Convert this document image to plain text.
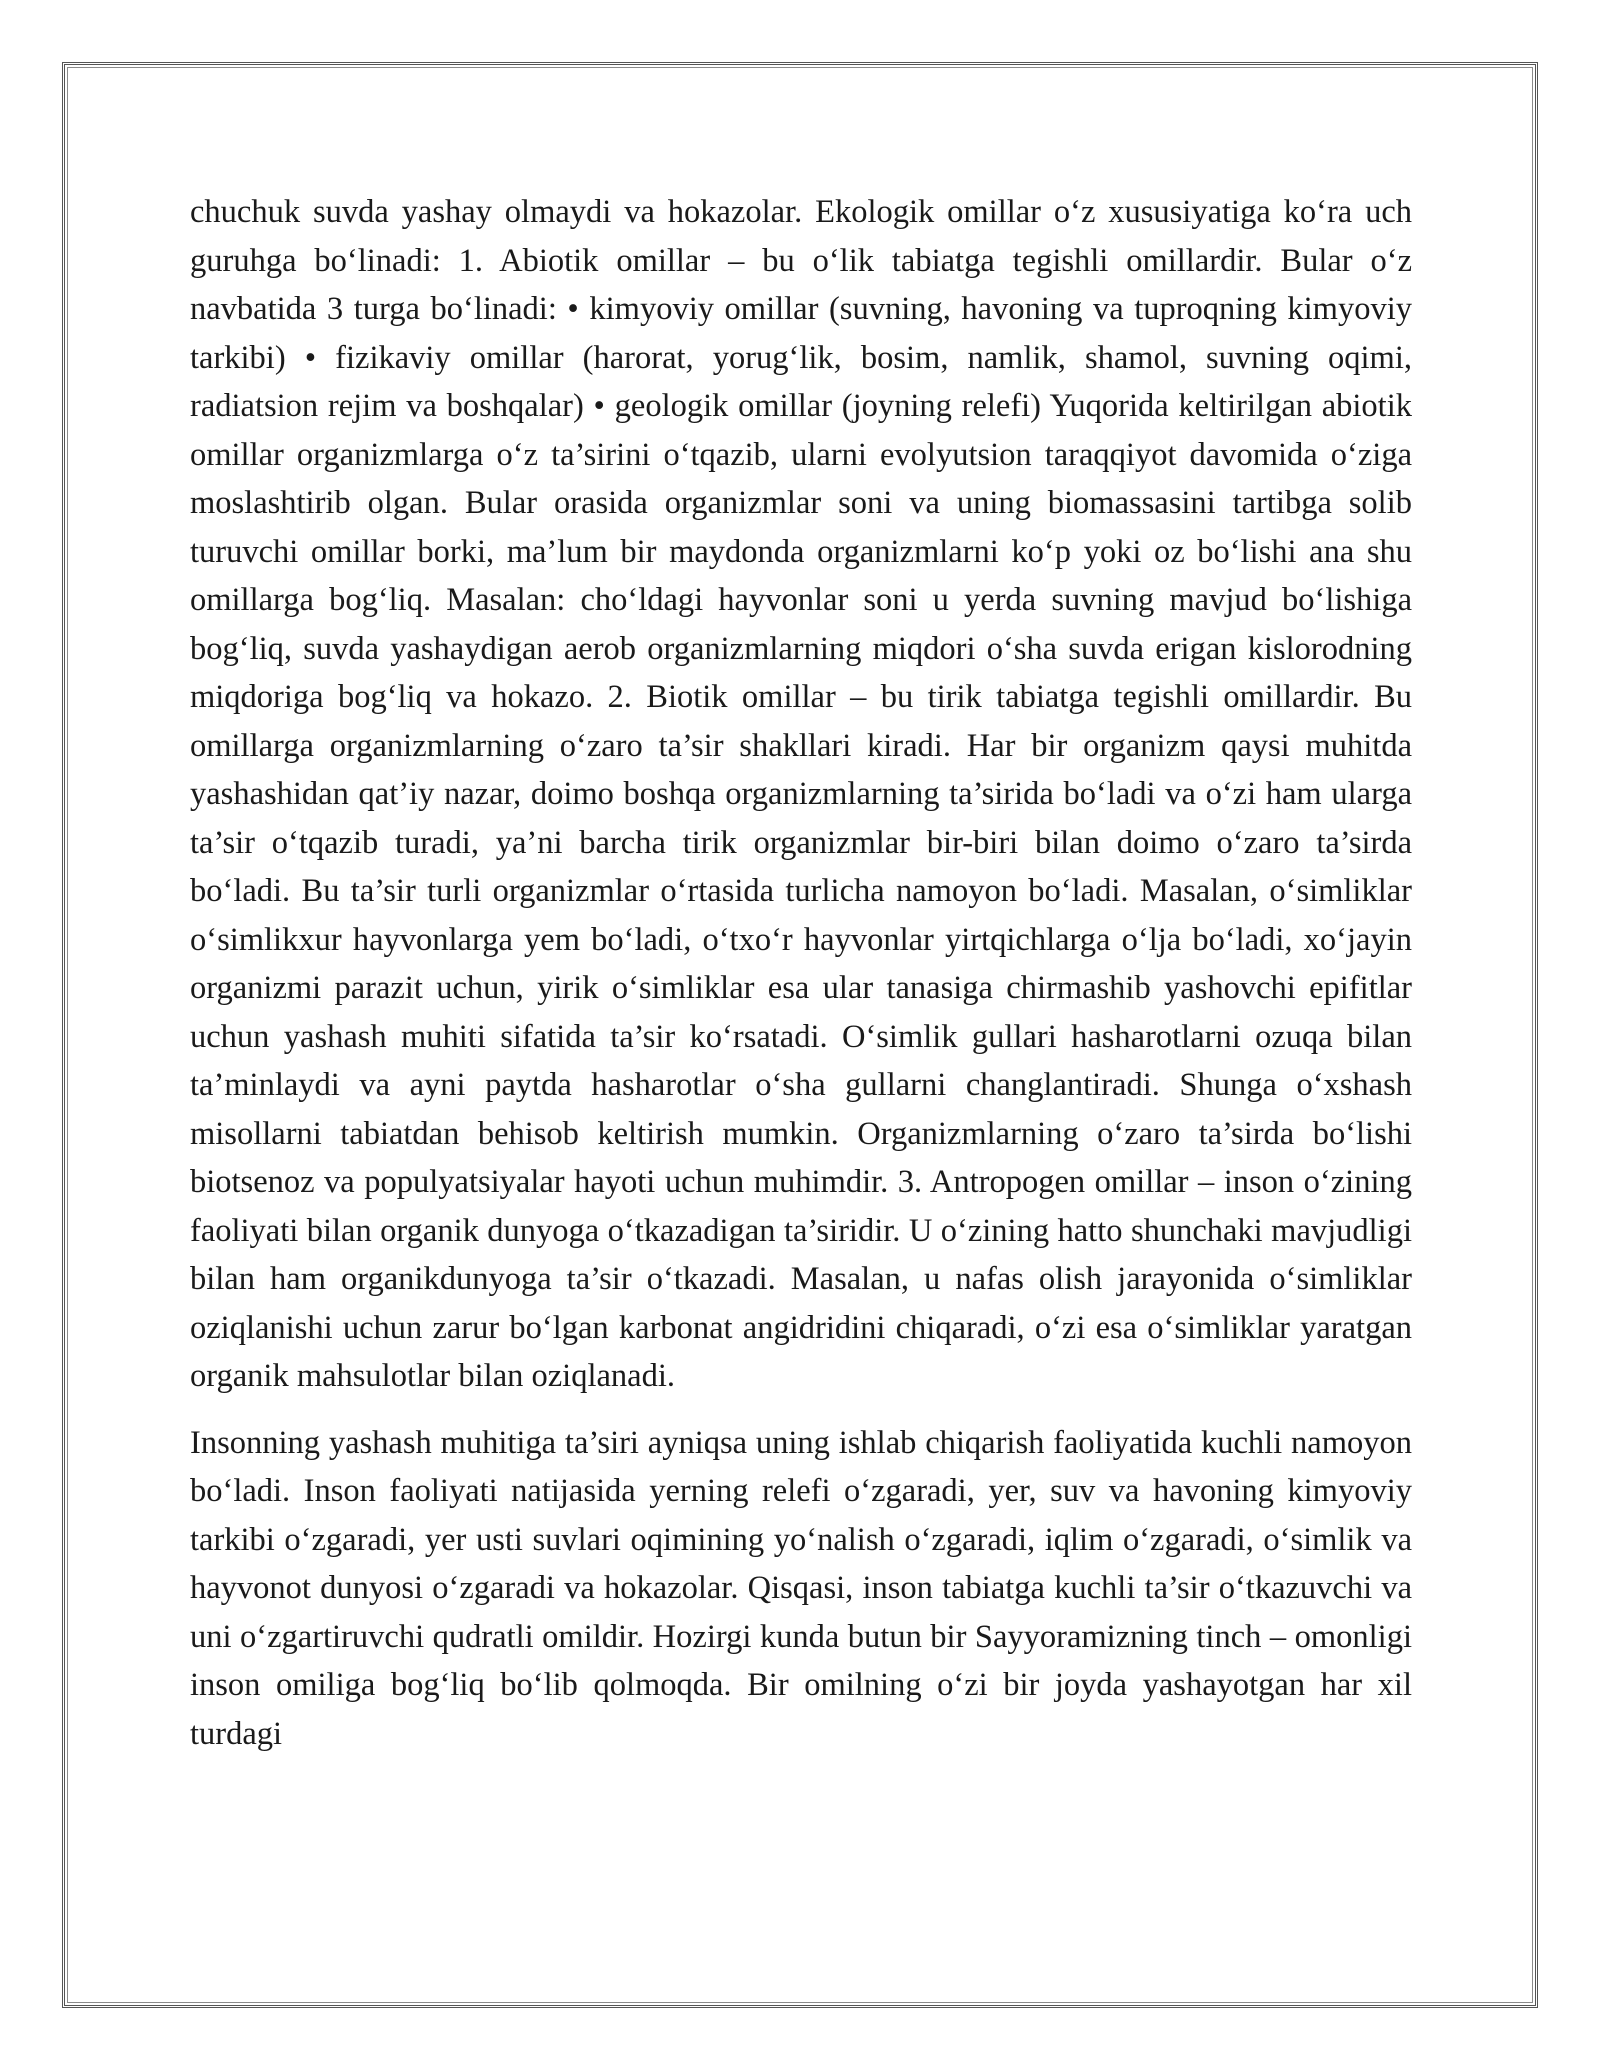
chuchuk suvda yashay olmaydi va hokazolar. Ekologik omillar o‘z xususiyatiga ko‘ra uch guruhga bo‘linadi: 1. Abiotik omillar – bu o‘lik tabiatga tegishli omillardir. Bular o‘z navbatida 3 turga bo‘linadi: • kimyoviy omillar (suvning, havoning va tuproqning kimyoviy tarkibi) • fizikaviy omillar (harorat, yorug‘lik, bosim, namlik, shamol, suvning oqimi, radiatsion rejim va boshqalar) • geologik omillar (joyning relefi) Yuqorida keltirilgan abiotik omillar organizmlarga o‘z ta’sirini o‘tqazib, ularni evolyutsion taraqqiyot davomida o‘ziga moslashtirib olgan. Bular orasida organizmlar soni va uning biomassasini tartibga solib turuvchi omillar borki, ma’lum bir maydonda organizmlarni ko‘p yoki oz bo‘lishi ana shu omillarga bog‘liq. Masalan: cho‘ldagi hayvonlar soni u yerda suvning mavjud bo‘lishiga bog‘liq, suvda yashaydigan aerob organizmlarning miqdori o‘sha suvda erigan kislorodning miqdoriga bog‘liq va hokazo. 2. Biotik omillar – bu tirik tabiatga tegishli omillardir. Bu omillarga organizmlarning o‘zaro ta’sir shakllari kiradi. Har bir organizm qaysi muhitda yashashidan qat’iy nazar, doimo boshqa organizmlarning ta’sirida bo‘ladi va o‘zi ham ularga ta’sir o‘tqazib turadi, ya’ni barcha tirik organizmlar bir-biri bilan doimo o‘zaro ta’sirda bo‘ladi. Bu ta’sir turli organizmlar o‘rtasida turlicha namoyon bo‘ladi. Masalan, o‘simliklar o‘simlikxur hayvonlarga yem bo‘ladi, o‘txo‘r hayvonlar yirtqichlarga o‘lja bo‘ladi, xo‘jayin organizmi parazit uchun, yirik o‘simliklar esa ular tanasiga chirmashib yashovchi epifitlar uchun yashash muhiti sifatida ta’sir ko‘rsatadi. O‘simlik gullari hasharotlarni ozuqa bilan ta’minlaydi va ayni paytda hasharotlar o‘sha gullarni changlantiradi. Shunga o‘xshash misollarni tabiatdan behisob keltirish mumkin. Organizmlarning o‘zaro ta’sirda bo‘lishi biotsenoz va populyatsiyalar hayoti uchun muhimdir. 3. Antropogen omillar – inson o‘zining faoliyati bilan organik dunyoga o‘tkazadigan ta’siridir. U o‘zining hatto shunchaki mavjudligi bilan ham organikdunyoga ta’sir o‘tkazadi. Masalan, u nafas olish jarayonida o‘simliklar oziqlanishi uchun zarur bo‘lgan karbonat angidridini chiqaradi, o‘zi esa o‘simliklar yaratgan organik mahsulotlar bilan oziqlanadi.

Insonning yashash muhitiga ta’siri ayniqsa uning ishlab chiqarish faoliyatida kuchli namoyon bo‘ladi. Inson faoliyati natijasida yerning relefi o‘zgaradi, yer, suv va havoning kimyoviy tarkibi o‘zgaradi, yer usti suvlari oqimining yo‘nalish o‘zgaradi, iqlim o‘zgaradi, o‘simlik va hayvonot dunyosi o‘zgaradi va hokazolar. Qisqasi, inson tabiatga kuchli ta’sir o‘tkazuvchi va uni o‘zgartiruvchi qudratli omildir. Hozirgi kunda butun bir Sayyoramizning tinch – omonligi inson omiliga bog‘liq bo‘lib qolmoqda. Bir omilning o‘zi bir joyda yashayotgan har xil turdagi
